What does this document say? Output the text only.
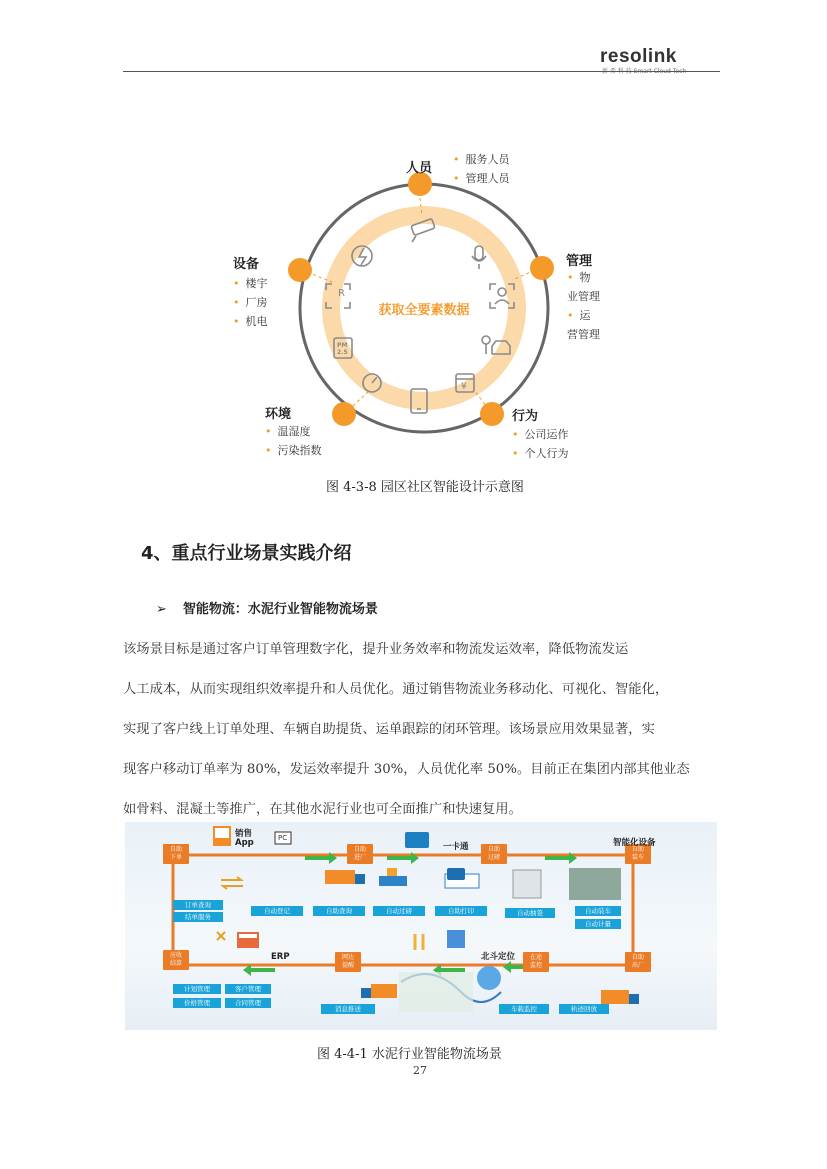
resolink
R
PM
2.5
¥
获取全要素数据
人员
• 服务人员
• 管理人员
管理
• 物业管理
• 运营管理
行为
• 公司运作
• 个人行为
环境
• 温湿度
• 污染指数
设备
• 楼宇
• 厂房
• 机电
图 4-3-8 园区社区智能设计示意图
4、重点行业场景实践介绍
➢ 智能物流：水泥行业智能物流场景
该场景目标是通过客户订单管理数字化，提升业务效率和物流发运效率，降低物流发运
人工成本，从而实现组织效率提升和人员优化。通过销售物流业务移动化、可视化、智能化，
实现了客户线上订单处理、车辆自助提货、运单跟踪的闭环管理。该场景应用效果显著，实
现客户移动订单率为 80%，发运效率提升 30%，人员优化率 50%。目前正在集团内部其他业态
如骨料、混凝土等推广，在其他水泥行业也可全面推广和快速复用。
自助
下单
自助
进厂
自助
过磅
自助
装车
自助
出厂
在途
监控
网达
提醒
应收
结算
销售
App	PC
一卡通	智能化设备
ERP	北斗定位
订单查询
结单服务
自动登记	自助查询	自动过磅	自助打印	自动抽签	自动装车
自动计量
计划管理	客户管理
价格管理	合同管理
消息推送	车载监控	轨迹回放
图 4-4-1 水泥行业智能物流场景
27
